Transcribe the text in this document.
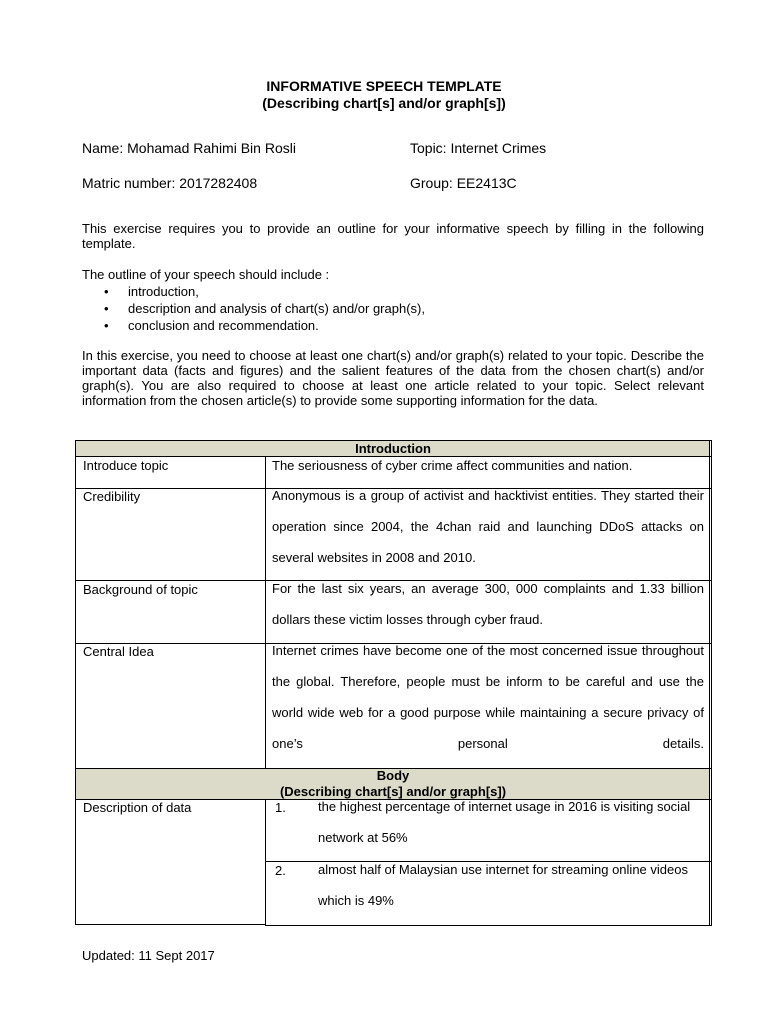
INFORMATIVE SPEECH TEMPLATE
(Describing chart[s] and/or graph[s])
Name: Mohamad Rahimi Bin Rosli	Topic: Internet Crimes
Matric number: 2017282408	Group: EE2413C
This exercise requires you to provide an outline for your informative speech by filling in the following template.
The outline of your speech should include :
• introduction,
• description and analysis of chart(s) and/or graph(s),
• conclusion and recommendation.
In this exercise, you need to choose at least one chart(s) and/or graph(s) related to your topic. Describe the important data (facts and figures) and the salient features of the data from the chosen chart(s) and/or graph(s). You are also required to choose at least one article related to your topic. Select relevant information from the chosen article(s) to provide some supporting information for the data.
Introduction
Introduce topic	The seriousness of cyber crime affect communities and nation.
Credibility	Anonymous is a group of activist and hacktivist entities. They started their operation since 2004, the 4chan raid and launching DDoS attacks on several websites in 2008 and 2010.
Background of topic	For the last six years, an average 300, 000 complaints and 1.33 billion dollars these victim losses through cyber fraud.
Central Idea	Internet crimes have become one of the most concerned issue throughout the global. Therefore, people must be inform to be careful and use the world wide web for a good purpose while maintaining a secure privacy of one’s personal details.
Body
(Describing chart[s] and/or graph[s])
Description of data	1. the highest percentage of internet usage in 2016 is visiting social network at 56%
2. almost half of Malaysian use internet for streaming online videos which is 49%
Updated: 11 Sept 2017
